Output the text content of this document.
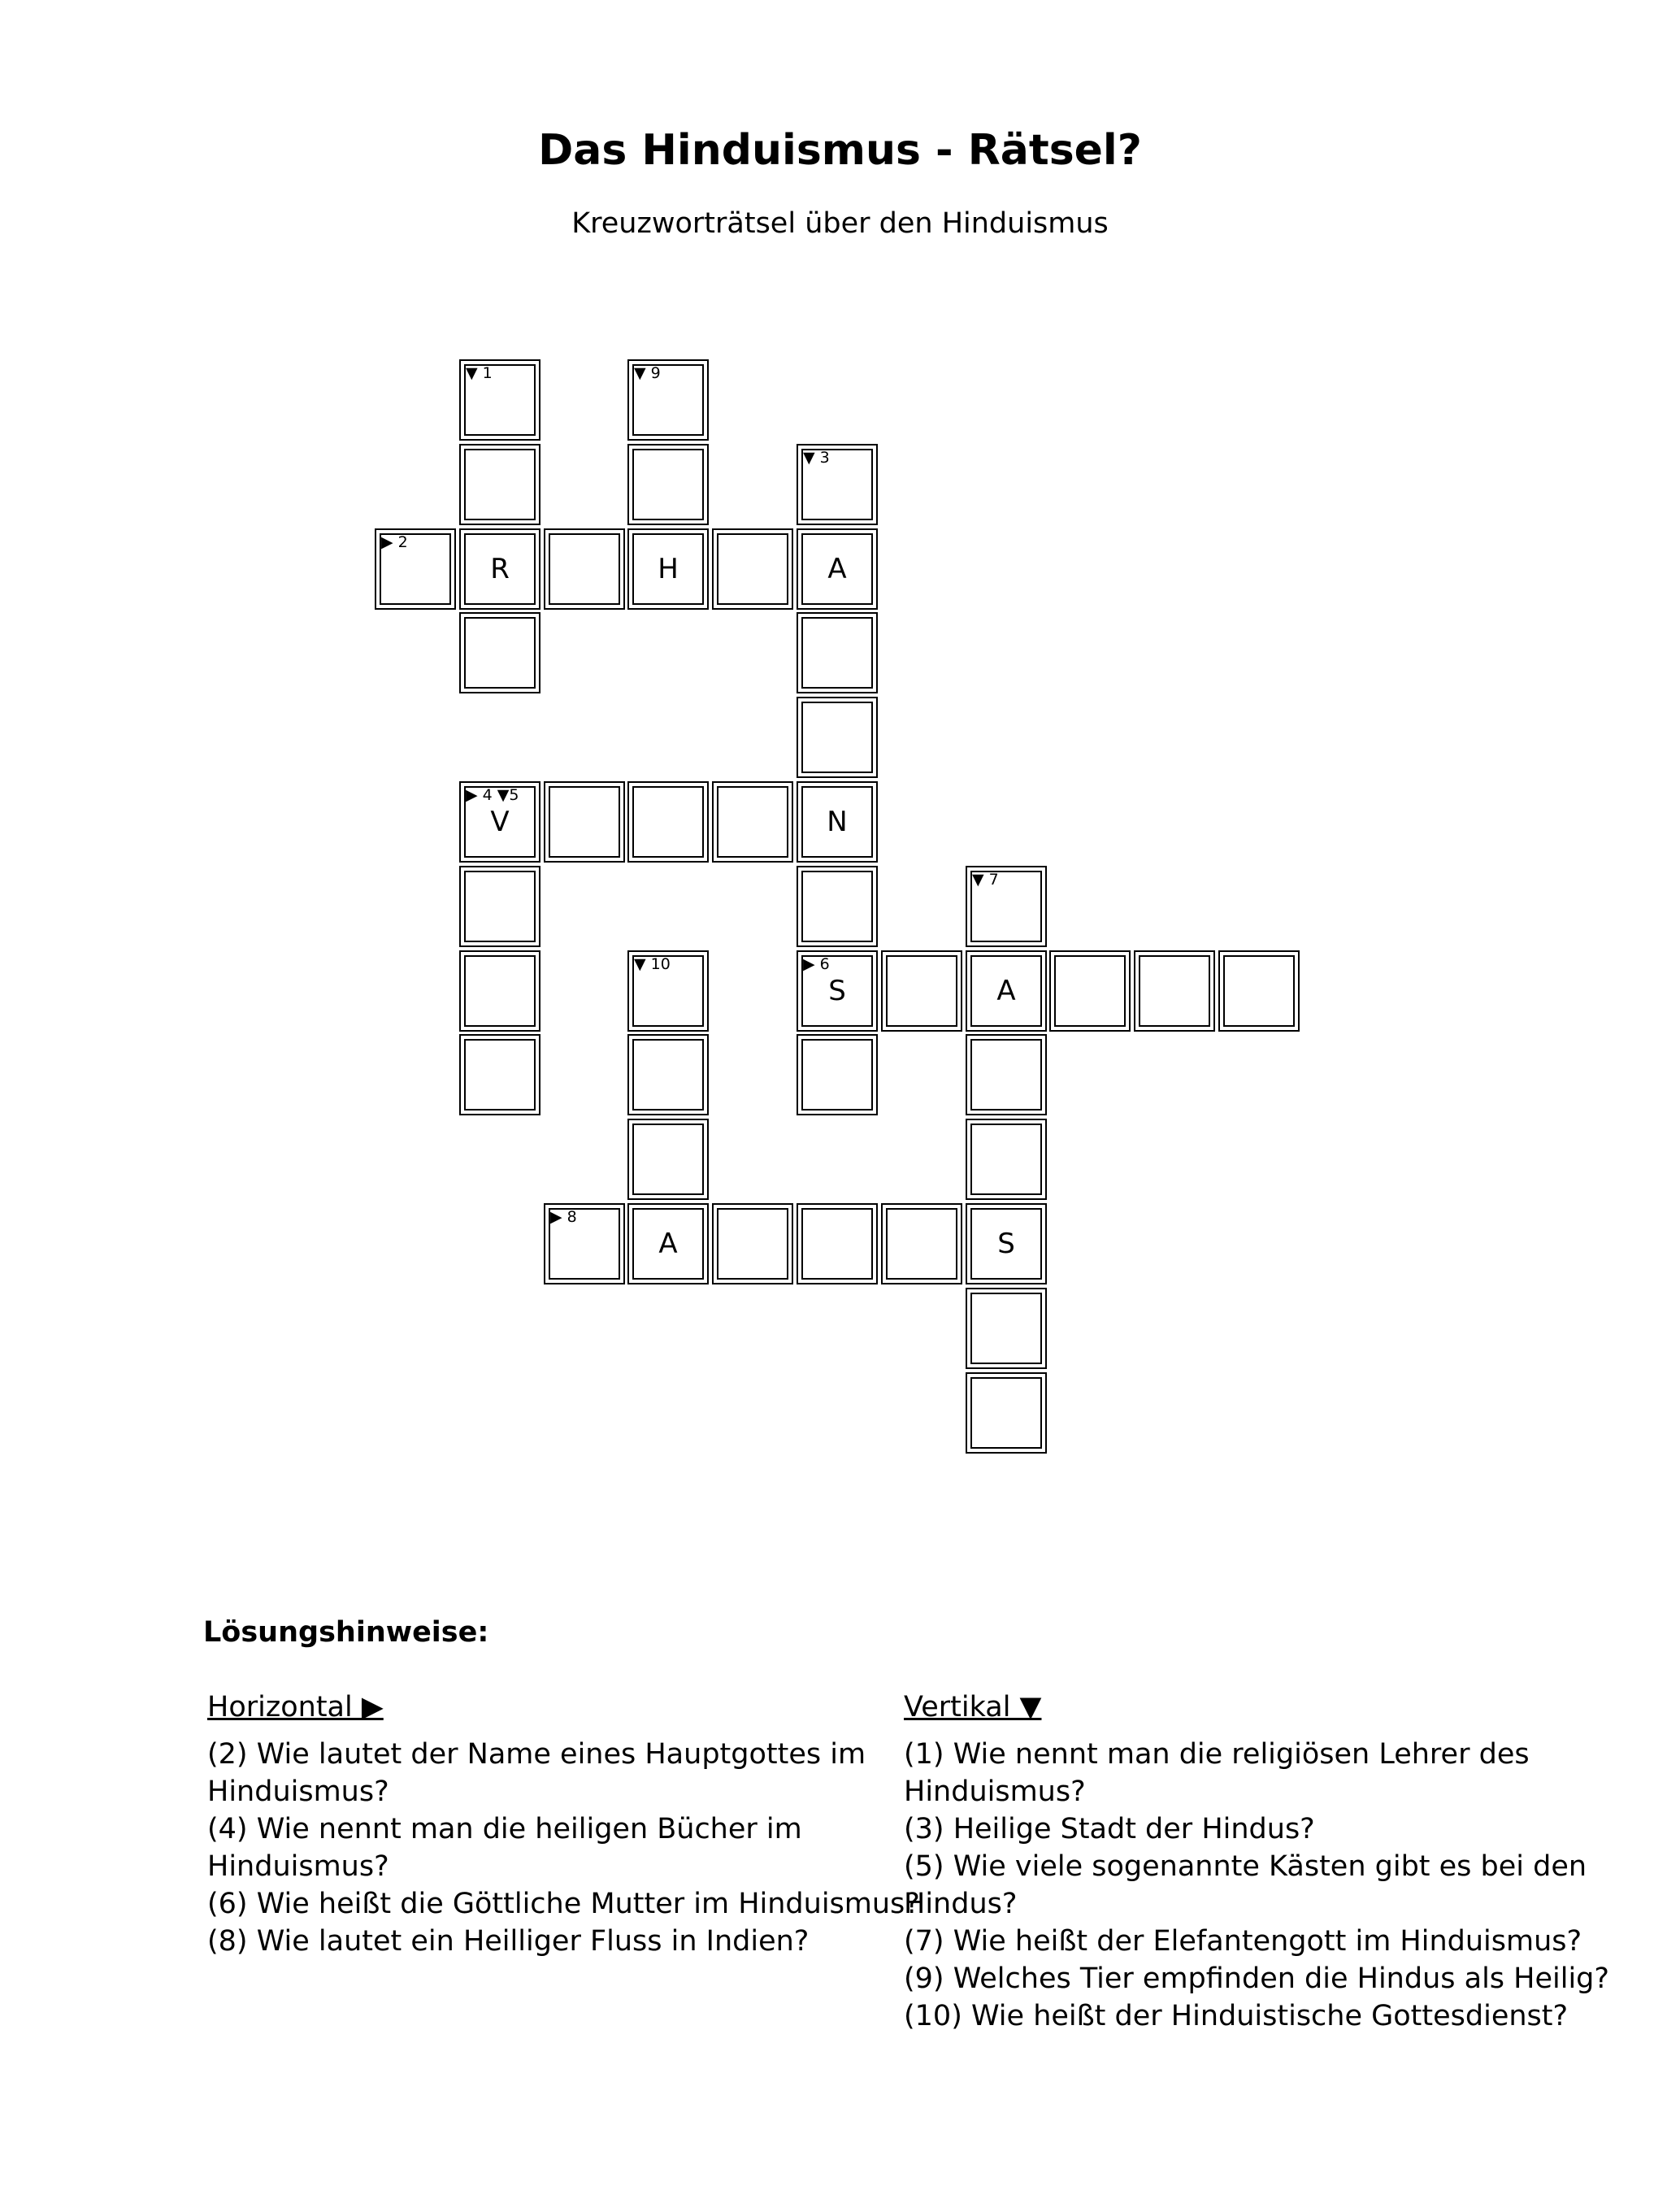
Das Hinduismus - Rätsel?
Kreuzworträtsel über den Hinduismus
▼ 1	▼ 9
▼ 3
▶ 2
R	H	A
▶ 4 ▼5
V	N
▼ 7
▼ 10	▶ 6
S	A
▶ 8
A	S
Lösungshinweise:
Horizontal ▶
(2) Wie lautet der Name eines Hauptgottes im Hinduismus?
(4) Wie nennt man die heiligen Bücher im Hinduismus?
(6) Wie heißt die Göttliche Mutter im Hinduismus?
(8) Wie lautet ein Heilliger Fluss in Indien?
Vertikal ▼
(1) Wie nennt man die religiösen Lehrer des Hinduismus?
(3) Heilige Stadt der Hindus?
(5) Wie viele sogenannte Kästen gibt es bei den Hindus?
(7) Wie heißt der Elefantengott im Hinduismus?
(9) Welches Tier empfinden die Hindus als Heilig?
(10) Wie heißt der Hinduistische Gottesdienst?
